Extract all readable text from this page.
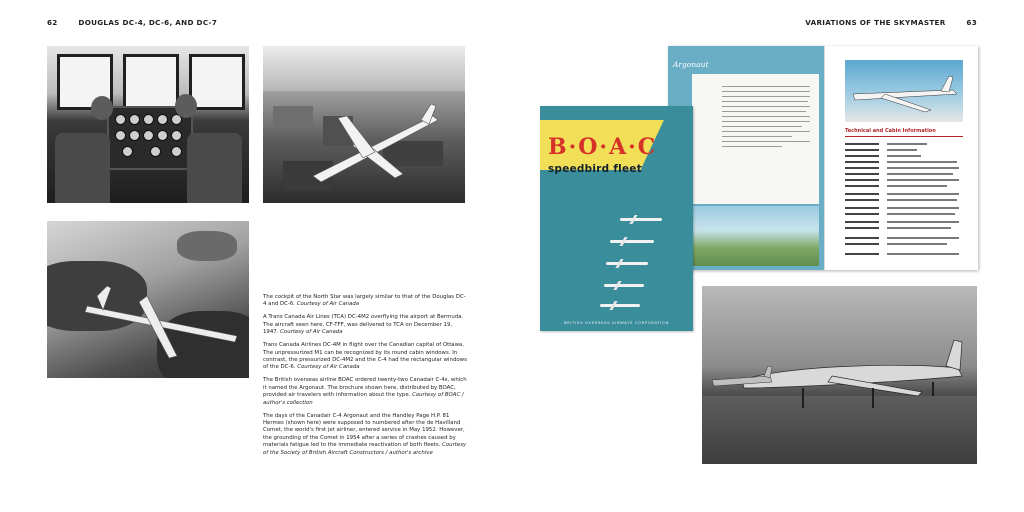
62	DOUGLAS DC-4, DC-6, AND DC-7

The cockpit of the North Star was largely similar to that of the Douglas DC-4 and DC-6. Courtesy of Air Canada

A Trans Canada Air Lines (TCA) DC-4M2 overflying the airport at Bermuda. The aircraft seen here, CF-TFF, was delivered to TCA on December 19, 1947. Courtesy of Air Canada

Trans Canada Airlines DC-4M in flight over the Canadian capital of Ottawa. The unpressurized M1 can be recognized by its round cabin windows. In contrast, the pressurized DC-4M2 and the C-4 had the rectangular windows of the DC-6. Courtesy of Air Canada

The British overseas airline BOAC ordered twenty-two Canadair C-4s, which it named the Argonaut. The brochure shown here, distributed by BOAC, provided air travelers with information about the type. Courtesy of BOAC / author's collection

The days of the Canadair C-4 Argonaut and the Handley Page H.P. 81 Hermes (shown here) were supposed to numbered after the de Havilland Comet, the world's first jet airliner, entered service in May 1952. However, the grounding of the Comet in 1954 after a series of crashes caused by materials fatigue led to the immediate reactivation of both fleets. Courtesy of the Society of British Aircraft Constructors / author's archive

VARIATIONS OF THE SKYMASTER	63
Argonaut
Technical and Cabin Information
B·O·A·C
speedbird fleet
BRITISH OVERSEAS AIRWAYS CORPORATION
